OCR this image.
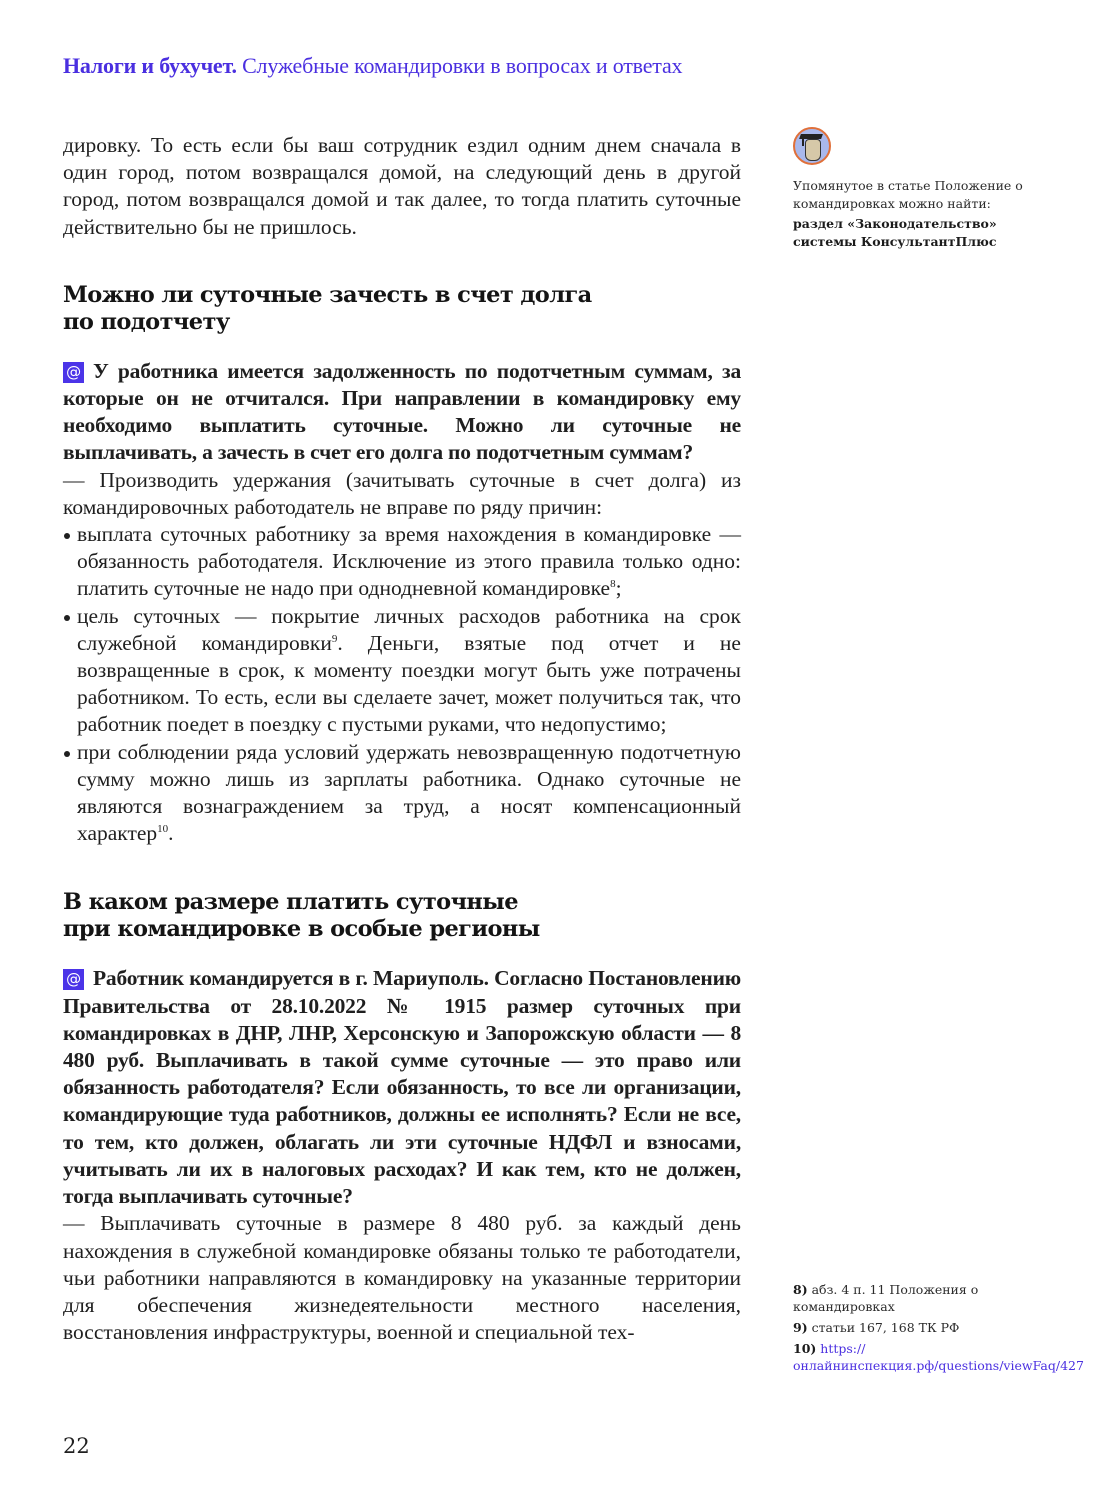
Налоги и бухучет. Служебные командировки в вопросах и ответах

дировку. То есть если бы ваш сотрудник ездил одним днем сначала в один город, потом возвращался домой, на следующий день в другой город, потом возвращался домой и так далее, то тогда платить суточные действительно бы не пришлось.

Можно ли суточные зачесть в счет долга
по подотчету

@ У работника имеется задолженность по подотчетным суммам, за которые он не отчитался. При направлении в командировку ему необходимо выплатить суточные. Можно ли суточные не выплачивать, а зачесть в счет его долга по подотчетным суммам?

— Производить удержания (зачитывать суточные в счет долга) из командировочных работодатель не вправе по ряду причин:

выплата суточных работнику за время нахождения в командировке — обязанность работодателя. Исключение из этого правила только одно: платить суточные не надо при однодневной командировке$^8$;
цель суточных — покрытие личных расходов работника на срок служебной командировки$^9$. Деньги, взятые под отчет и не возвращенные в срок, к моменту поездки могут быть уже потрачены работником. То есть, если вы сделаете зачет, может получиться так, что работник поедет в поездку с пустыми руками, что недопустимо;
при соблюдении ряда условий удержать невозвращенную подотчетную сумму можно лишь из зарплаты работника. Однако суточные не являются вознаграждением за труд, а носят компенсационный характер$^{10}$.
В каком размере платить суточные
при командировке в особые регионы

@ Работник командируется в г. Мариуполь. Согласно Постановлению Правительства от 28.10.2022 № 1915 размер суточных при командировках в ДНР, ЛНР, Херсонскую и Запорожскую области — 8 480 руб. Выплачивать в такой сумме суточные — это право или обязанность работодателя? Если обязанность, то все ли организации, командирующие туда работников, должны ее исполнять? Если не все, то тем, кто должен, облагать ли эти суточные НДФЛ и взносами, учитывать ли их в налоговых расходах? И как тем, кто не должен, тогда выплачивать суточные?

— Выплачивать суточные в размере 8 480 руб. за каждый день нахождения в служебной командировке обязаны только те работодатели, чьи работники направляются в командировку на указанные территории для обеспечения жизнедеятельности местного населения, восстановления инфраструктуры, военной и специальной тех-

Упомянутое в статье Положение о командировках можно найти:
раздел «Законодательство» системы КонсультантПлюс
8) абз. 4 п. 11 Положения о командировках
9) статьи 167, 168 ТК РФ
10) https://онлайнинспекция.рф/questions/viewFaq/427
22
